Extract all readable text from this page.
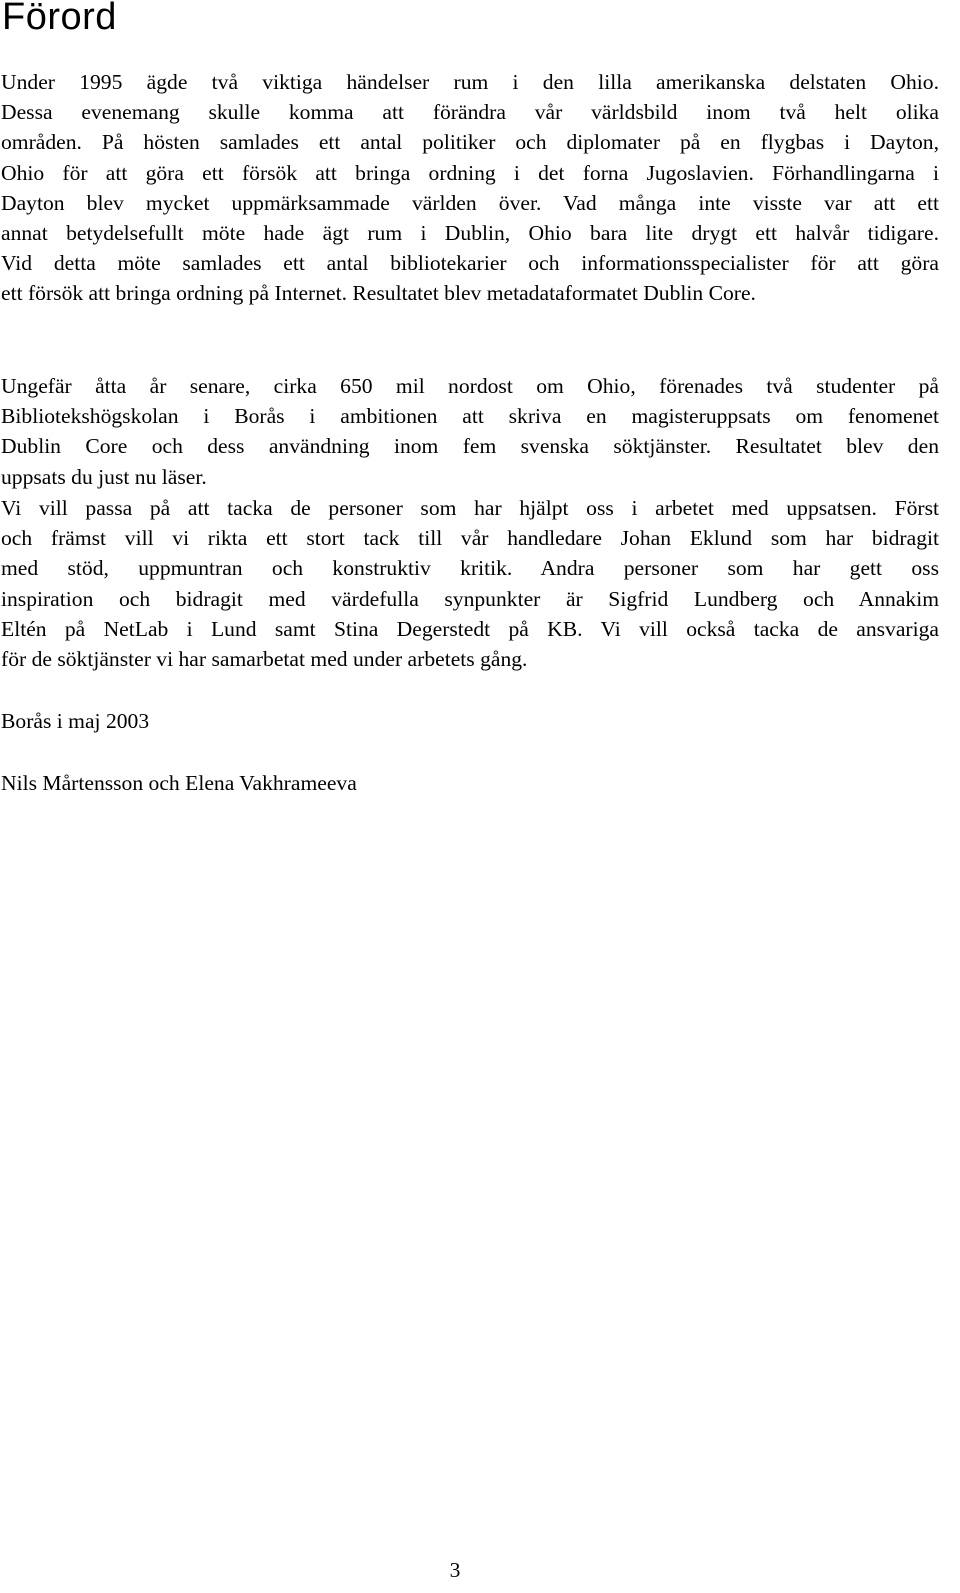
Förord

Under 1995 ägde två viktiga händelser rum i den lilla amerikanska delstaten Ohio.
Dessa evenemang skulle komma att förändra vår världsbild inom två helt olika
områden. På hösten samlades ett antal politiker och diplomater på en flygbas i Dayton,
Ohio för att göra ett försök att bringa ordning i det forna Jugoslavien. Förhandlingarna i
Dayton blev mycket uppmärksammade världen över. Vad många inte visste var att ett
annat betydelsefullt möte hade ägt rum i Dublin, Ohio bara lite drygt ett halvår tidigare.
Vid detta möte samlades ett antal bibliotekarier och informationsspecialister för att göra
ett försök att bringa ordning på Internet. Resultatet blev metadataformatet Dublin Core.

Ungefär åtta år senare, cirka 650 mil nordost om Ohio, förenades två studenter på
Bibliotekshögskolan i Borås i ambitionen att skriva en magisteruppsats om fenomenet
Dublin Core och dess användning inom fem svenska söktjänster. Resultatet blev den
uppsats du just nu läser.

Vi vill passa på att tacka de personer som har hjälpt oss i arbetet med uppsatsen. Först
och främst vill vi rikta ett stort tack till vår handledare Johan Eklund som har bidragit
med stöd, uppmuntran och konstruktiv kritik. Andra personer som har gett oss
inspiration och bidragit med värdefulla synpunkter är Sigfrid Lundberg och Annakim
Eltén på NetLab i Lund samt Stina Degerstedt på KB. Vi vill också tacka de ansvariga
för de söktjänster vi har samarbetat med under arbetets gång.

Borås i maj 2003

Nils Mårtensson och Elena Vakhrameeva

3
